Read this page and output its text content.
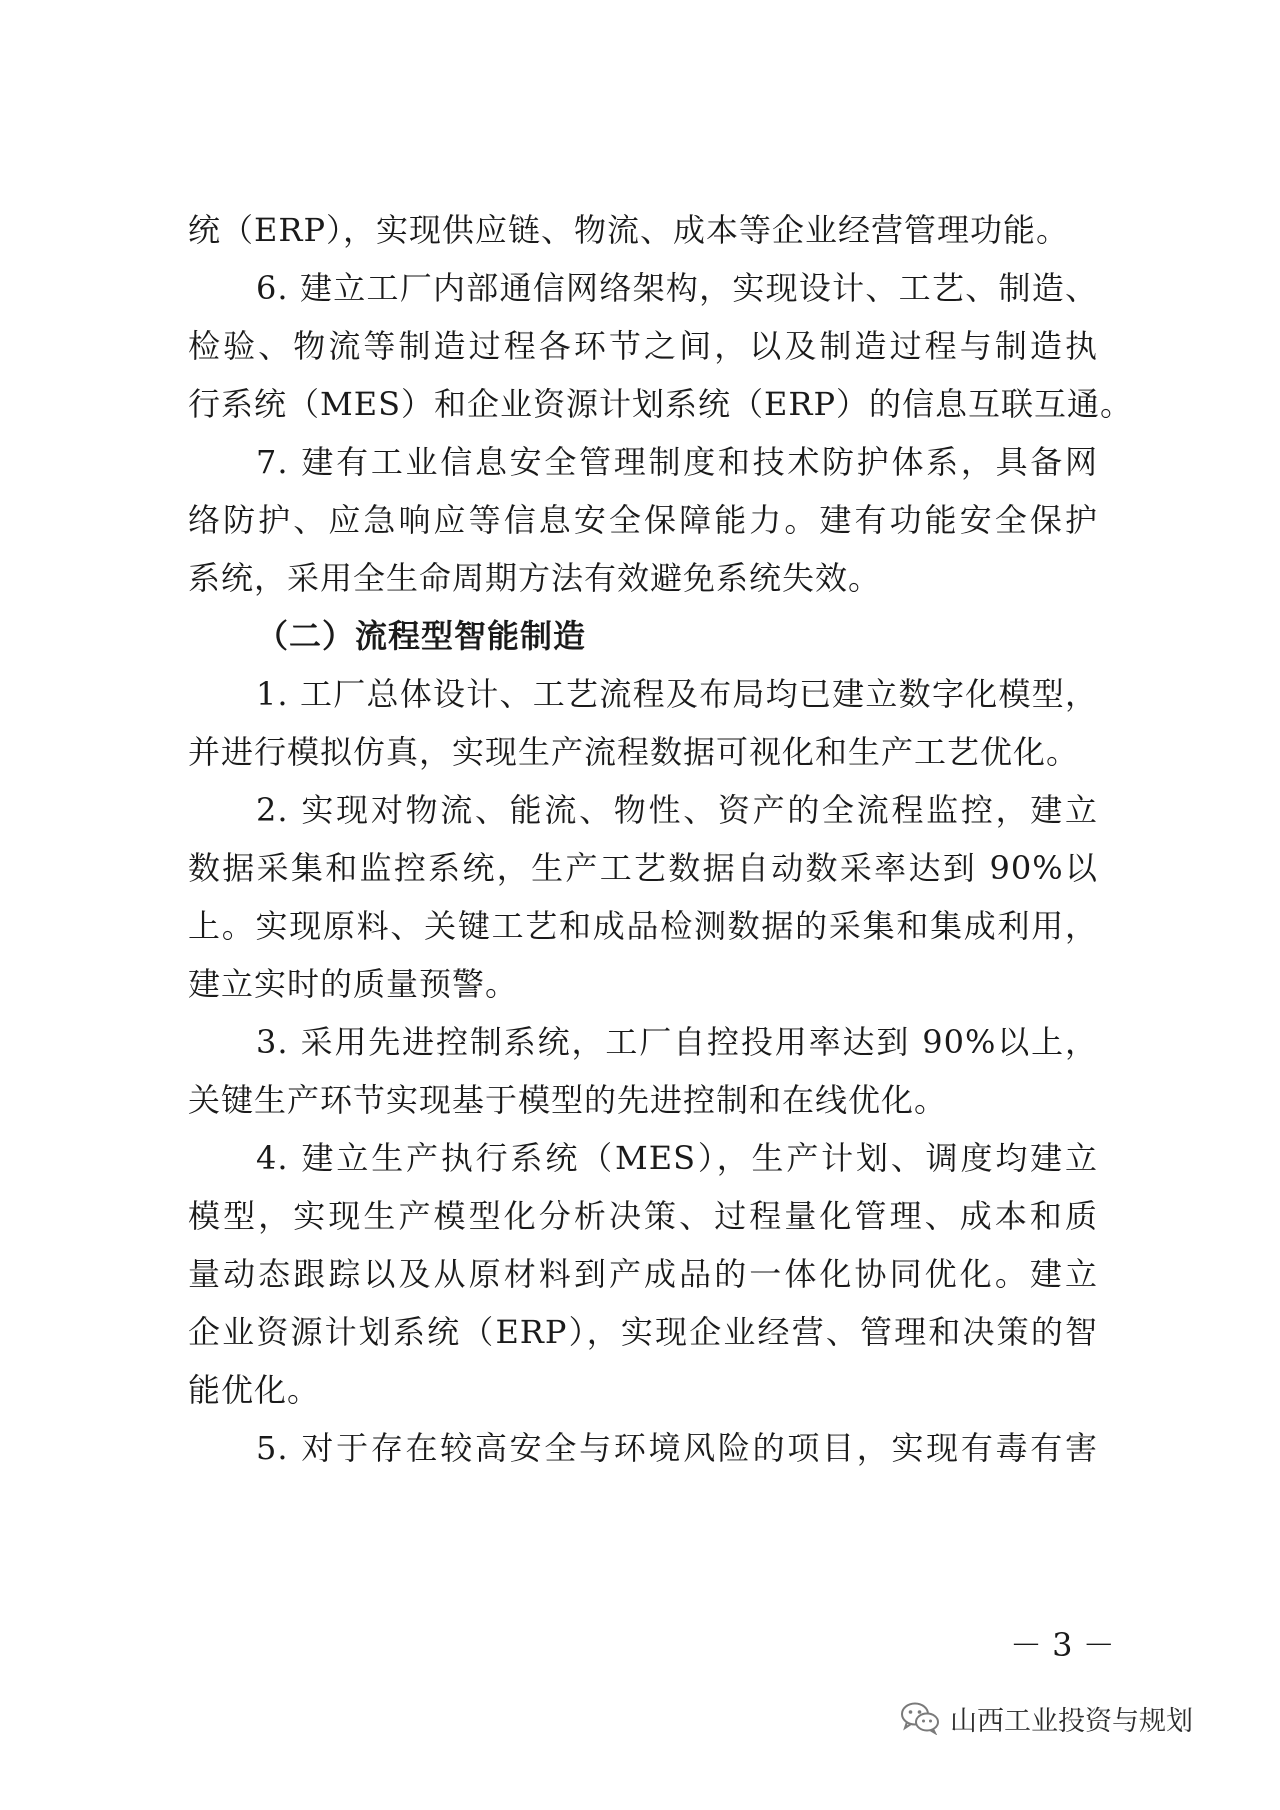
统（ERP），实现供应链、物流、成本等企业经营管理功能。
6. 建立工厂内部通信网络架构，实现设计、工艺、制造、
检验、物流等制造过程各环节之间，以及制造过程与制造执
行系统（MES）和企业资源计划系统（ERP）的信息互联互通。
7. 建有工业信息安全管理制度和技术防护体系，具备网
络防护、应急响应等信息安全保障能力。建有功能安全保护
系统，采用全生命周期方法有效避免系统失效。
（二）流程型智能制造
1. 工厂总体设计、工艺流程及布局均已建立数字化模型，
并进行模拟仿真，实现生产流程数据可视化和生产工艺优化。
2. 实现对物流、能流、物性、资产的全流程监控，建立
数据采集和监控系统，生产工艺数据自动数采率达到 90%以
上。实现原料、关键工艺和成品检测数据的采集和集成利用，
建立实时的质量预警。
3. 采用先进控制系统，工厂自控投用率达到 90%以上，
关键生产环节实现基于模型的先进控制和在线优化。
4. 建立生产执行系统（MES），生产计划、调度均建立
模型，实现生产模型化分析决策、过程量化管理、成本和质
量动态跟踪以及从原材料到产成品的一体化协同优化。建立
企业资源计划系统（ERP），实现企业经营、管理和决策的智
能优化。
5. 对于存在较高安全与环境风险的项目，实现有毒有害
－ 3 －
山西工业投资与规划
